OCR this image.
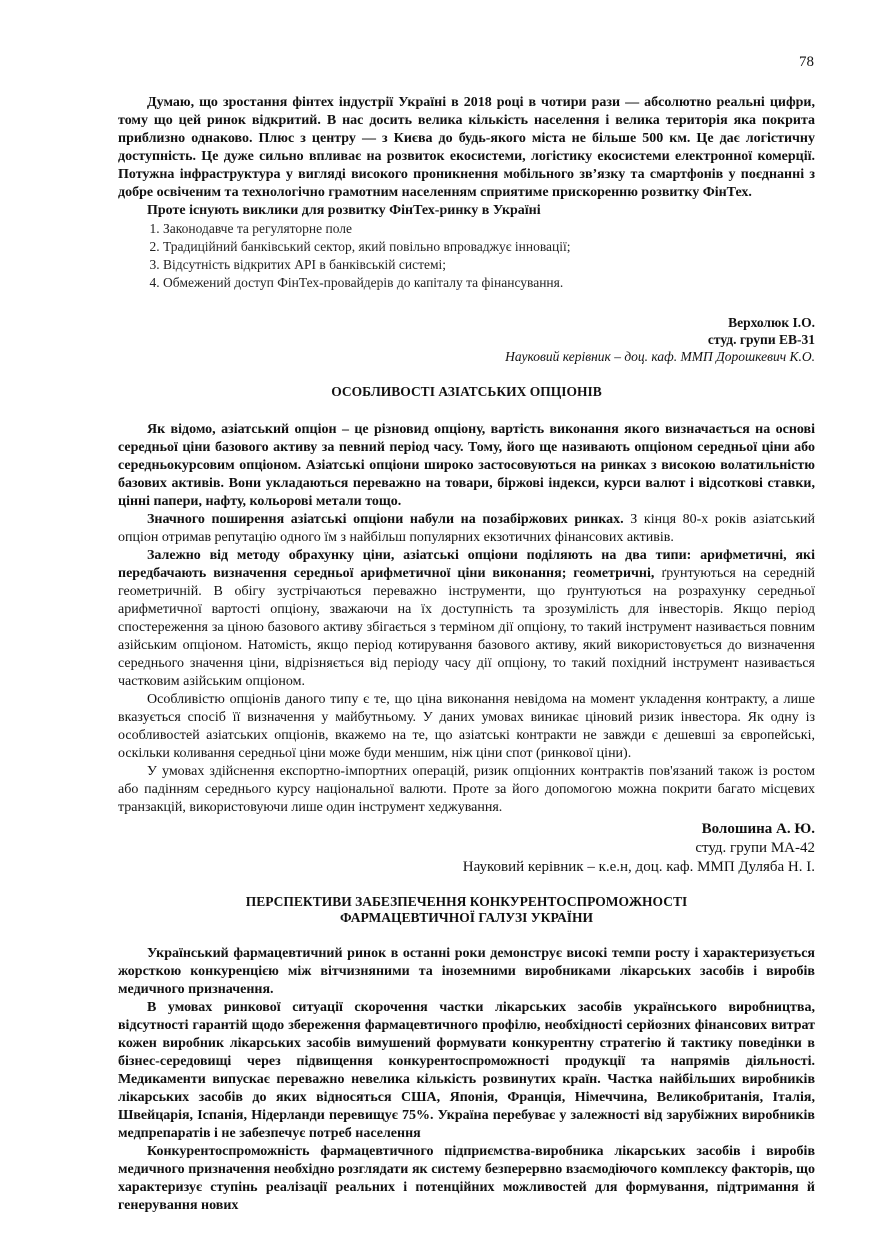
78

Думаю, що зростання фінтех індустрії Україні в 2018 році в чотири рази — абсолютно реальні цифри, тому що цей ринок відкритий. В нас досить велика кількість населення і велика територія яка покрита приблизно однаково. Плюс з центру — з Києва до будь-якого міста не більше 500 км. Це дає логістичну доступність. Це дуже сильно впливає на розвиток екосистеми, логістику екосистеми електронної комерції. Потужна інфраструктура у вигляді високого проникнення мобільного зв’язку та смартфонів у поєднанні з добре освіченим та технологічно грамотним населенням сприятиме прискоренню розвитку ФінТех.

Проте існують виклики для розвитку ФінТех-ринку в Україні

1. Законодавче та регуляторне поле
2. Традиційний банківський сектор, який повільно впроваджує інновації;
3. Відсутність відкритих API в банківській системі;
4. Обмежений доступ ФінТех-провайдерів до капіталу та фінансування.
Верхолюк І.О.
студ. групи ЕВ-31
Науковий керівник – доц. каф. ММП Дорошкевич К.О.
ОСОБЛИВОСТІ АЗІАТСЬКИХ ОПЦІОНІВ

Як відомо, азіатський опціон – це різновид опціону, вартість виконання якого визначається на основі середньої ціни базового активу за певний період часу. Тому, його ще називають опціоном середньої ціни або середньокурсовим опціоном. Азіатські опціони широко застосовуються на ринках з високою волатильністю базових активів. Вони укладаються переважно на товари, біржові індекси, курси валют і відсоткові ставки, цінні папери, нафту, кольорові метали тощо.

Значного поширення азіатські опціони набули на позабіржових ринках. З кінця 80-х років азіатський опціон отримав репутацію одного їм з найбільш популярних екзотичних фінансових активів.

Залежно від методу обрахунку ціни, азіатські опціони поділяють на два типи: арифметичні, які передбачають визначення середньої арифметичної ціни виконання; геометричні, ґрунтуються на середній геометричній. В обігу зустрічаються переважно інструменти, що ґрунтуються на розрахунку середньої арифметичної вартості опціону, зважаючи на їх доступність та зрозумілість для інвесторів. Якщо період спостереження за ціною базового активу збігається з терміном дії опціону, то такий інструмент називається повним азійським опціоном. Натомість, якщо період котирування базового активу, який використовується до визначення середнього значення ціни, відрізняється від періоду часу дії опціону, то такий похідний інструмент називається частковим азійським опціоном.

Особливістю опціонів даного типу є те, що ціна виконання невідома на момент укладення контракту, а лише вказується спосіб її визначення у майбутньому. У даних умовах виникає ціновий ризик інвестора. Як одну із особливостей азіатських опціонів, вкажемо на те, що азіатські контракти не завжди є дешевші за європейські, оскільки коливання середньої ціни може буди меншим, ніж ціни спот (ринкової ціни).

У умовах здійснення експортно-імпортних операцій, ризик опціонних контрактів пов'язаний також із ростом або падінням середнього курсу національної валюти. Проте за його допомогою можна покрити багато місцевих транзакцій, використовуючи лише один інструмент хеджування.

Волошина А. Ю.
студ. групи МА-42
Науковий керівник – к.е.н, доц. каф. ММП Дуляба Н. І.
ПЕРСПЕКТИВИ ЗАБЕЗПЕЧЕННЯ КОНКУРЕНТОСПРОМОЖНОСТІ
ФАРМАЦЕВТИЧНОЇ ГАЛУЗІ УКРАЇНИ

Український фармацевтичний ринок в останні роки демонструє високі темпи росту і характеризується жорсткою конкуренцією між вітчизняними та іноземними виробниками лікарських засобів і виробів медичного призначення.

В умовах ринкової ситуації скорочення частки лікарських засобів українського виробництва, відсутності гарантій щодо збереження фармацевтичного профілю, необхідності серйозних фінансових витрат кожен виробник лікарських засобів вимушений формувати конкурентну стратегію й тактику поведінки в бізнес-середовищі через підвищення конкурентоспроможності продукції та напрямів діяльності. Медикаменти випускає переважно невелика кількість розвинутих країн. Частка найбільших виробників лікарських засобів до яких відносяться США, Японія, Франція, Німеччина, Великобританія, Італія, Швейцарія, Іспанія, Нідерланди перевищує 75%. Україна перебуває у залежності від зарубіжних виробників медпрепаратів і не забезпечує потреб населення

Конкурентоспроможність фармацевтичного підприємства-виробника лікарських засобів і виробів медичного призначення необхідно розглядати як систему безперервно взаємодіючого комплексу факторів, що характеризує ступінь реалізації реальних і потенційних можливостей для формування, підтримання й генерування нових
